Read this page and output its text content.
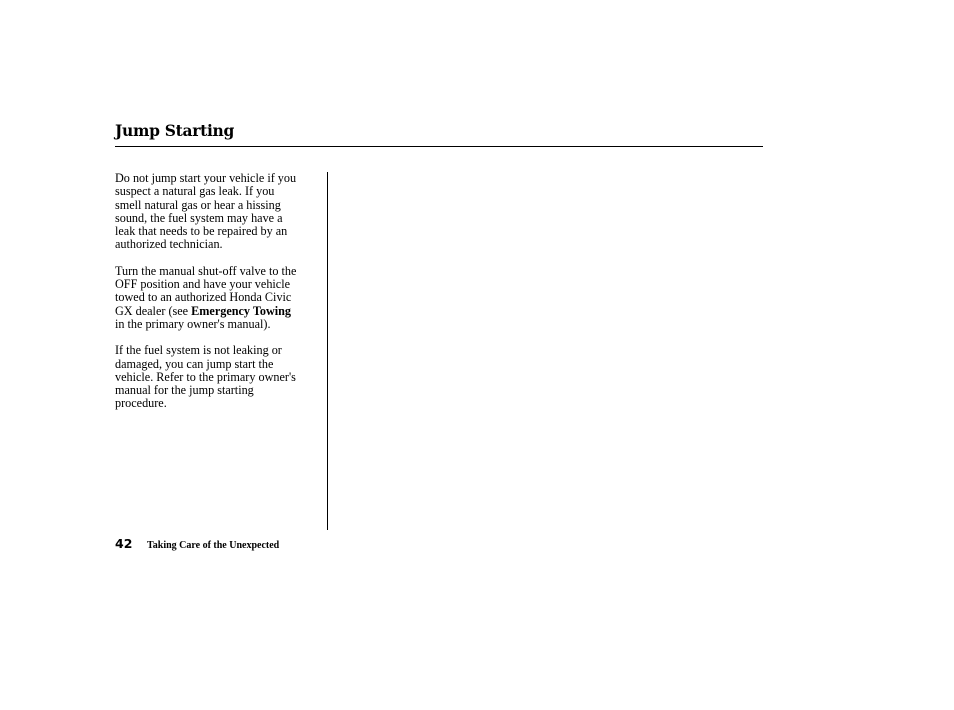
Jump Starting

Do not jump start your vehicle if you
suspect a natural gas leak. If you
smell natural gas or hear a hissing
sound, the fuel system may have a
leak that needs to be repaired by an
authorized technician.

Turn the manual shut-off valve to the
OFF position and have your vehicle
towed to an authorized Honda Civic
GX dealer (see Emergency Towing
in the primary owner's manual).

If the fuel system is not leaking or
damaged, you can jump start the
vehicle. Refer to the primary owner's
manual for the jump starting
procedure.

42 Taking Care of the Unexpected
